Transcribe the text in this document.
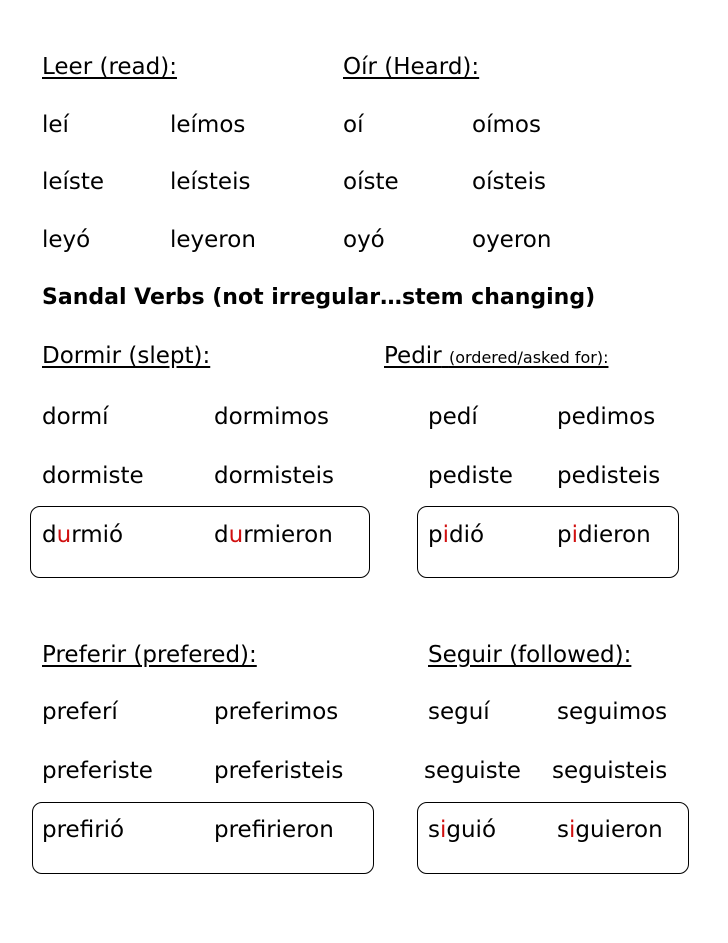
Leer (read):	Oír (Heard):
leí	leímos	oí	oímos
leíste	leísteis	oíste	oísteis
leyó	leyeron	oyó	oyeron
Sandal Verbs (not irregular…stem changing)
Dormir (slept):	Pedir (ordered/asked for):
dormí	dormimos	pedí	pedimos
dormiste	dormisteis	pediste pedisteis
durmió	durmieron	pidió	pidieron
Preferir (prefered):	Seguir (followed):
preferí	preferimos	seguí	seguimos
preferiste	preferisteis	seguiste seguisteis
prefrió	prefrieron	siguió	siguieron
